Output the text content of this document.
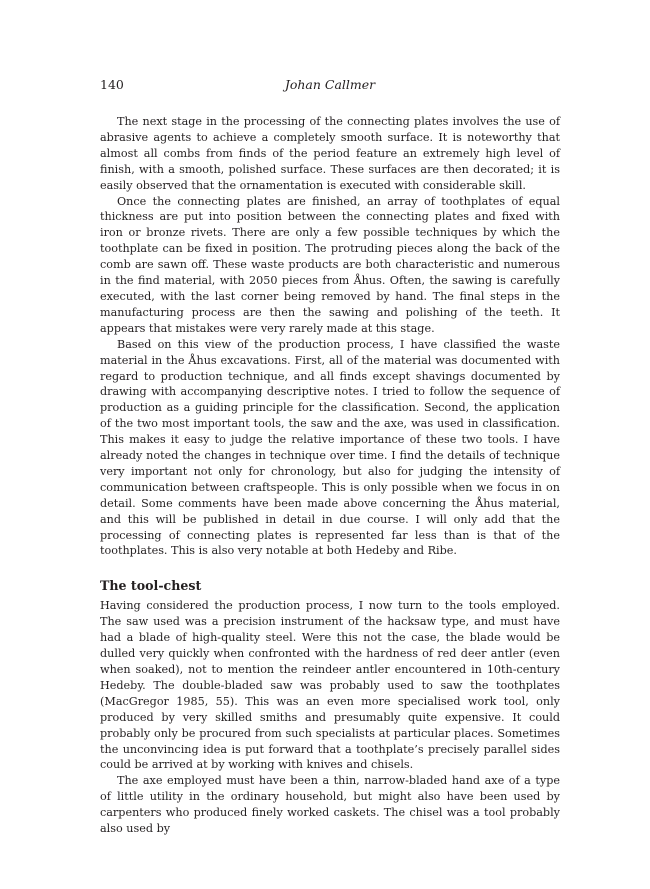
140	Johan Callmer

The next stage in the processing of the connecting plates involves the use of abrasive agents to achieve a completely smooth surface. It is noteworthy that almost all combs from finds of the period feature an extremely high level of finish, with a smooth, polished surface. These surfaces are then decorated; it is easily observed that the ornamentation is executed with considerable skill.

Once the connecting plates are finished, an array of toothplates of equal thickness are put into position between the connecting plates and fixed with iron or bronze rivets. There are only a few possible techniques by which the toothplate can be fixed in position. The protruding pieces along the back of the comb are sawn off. These waste products are both characteristic and numerous in the find material, with 2050 pieces from Åhus. Often, the sawing is carefully executed, with the last corner being removed by hand. The final steps in the manufacturing process are then the sawing and polishing of the teeth. It appears that mistakes were very rarely made at this stage.

Based on this view of the production process, I have classified the waste material in the Åhus excavations. First, all of the material was documented with regard to production technique, and all finds except shavings documented by drawing with accompanying descriptive notes. I tried to follow the sequence of production as a guiding principle for the classification. Second, the application of the two most important tools, the saw and the axe, was used in classification. This makes it easy to judge the relative importance of these two tools. I have already noted the changes in technique over time. I find the details of technique very important not only for chronology, but also for judging the intensity of communication between craftspeople. This is only possible when we focus in on detail. Some comments have been made above concerning the Åhus material, and this will be published in detail in due course. I will only add that the processing of connecting plates is represented far less than is that of the toothplates. This is also very notable at both Hedeby and Ribe.

The tool-chest

Having considered the production process, I now turn to the tools employed. The saw used was a precision instrument of the hacksaw type, and must have had a blade of high-quality steel. Were this not the case, the blade would be dulled very quickly when confronted with the hardness of red deer antler (even when soaked), not to mention the reindeer antler encountered in 10th-century Hedeby. The double-bladed saw was probably used to saw the toothplates (MacGregor 1985, 55). This was an even more specialised work tool, only produced by very skilled smiths and presumably quite expensive. It could probably only be procured from such specialists at particular places. Sometimes the unconvincing idea is put forward that a toothplate’s precisely parallel sides could be arrived at by working with knives and chisels.

The axe employed must have been a thin, narrow-bladed hand axe of a type of little utility in the ordinary household, but might also have been used by carpenters who produced finely worked caskets. The chisel was a tool probably also used by
